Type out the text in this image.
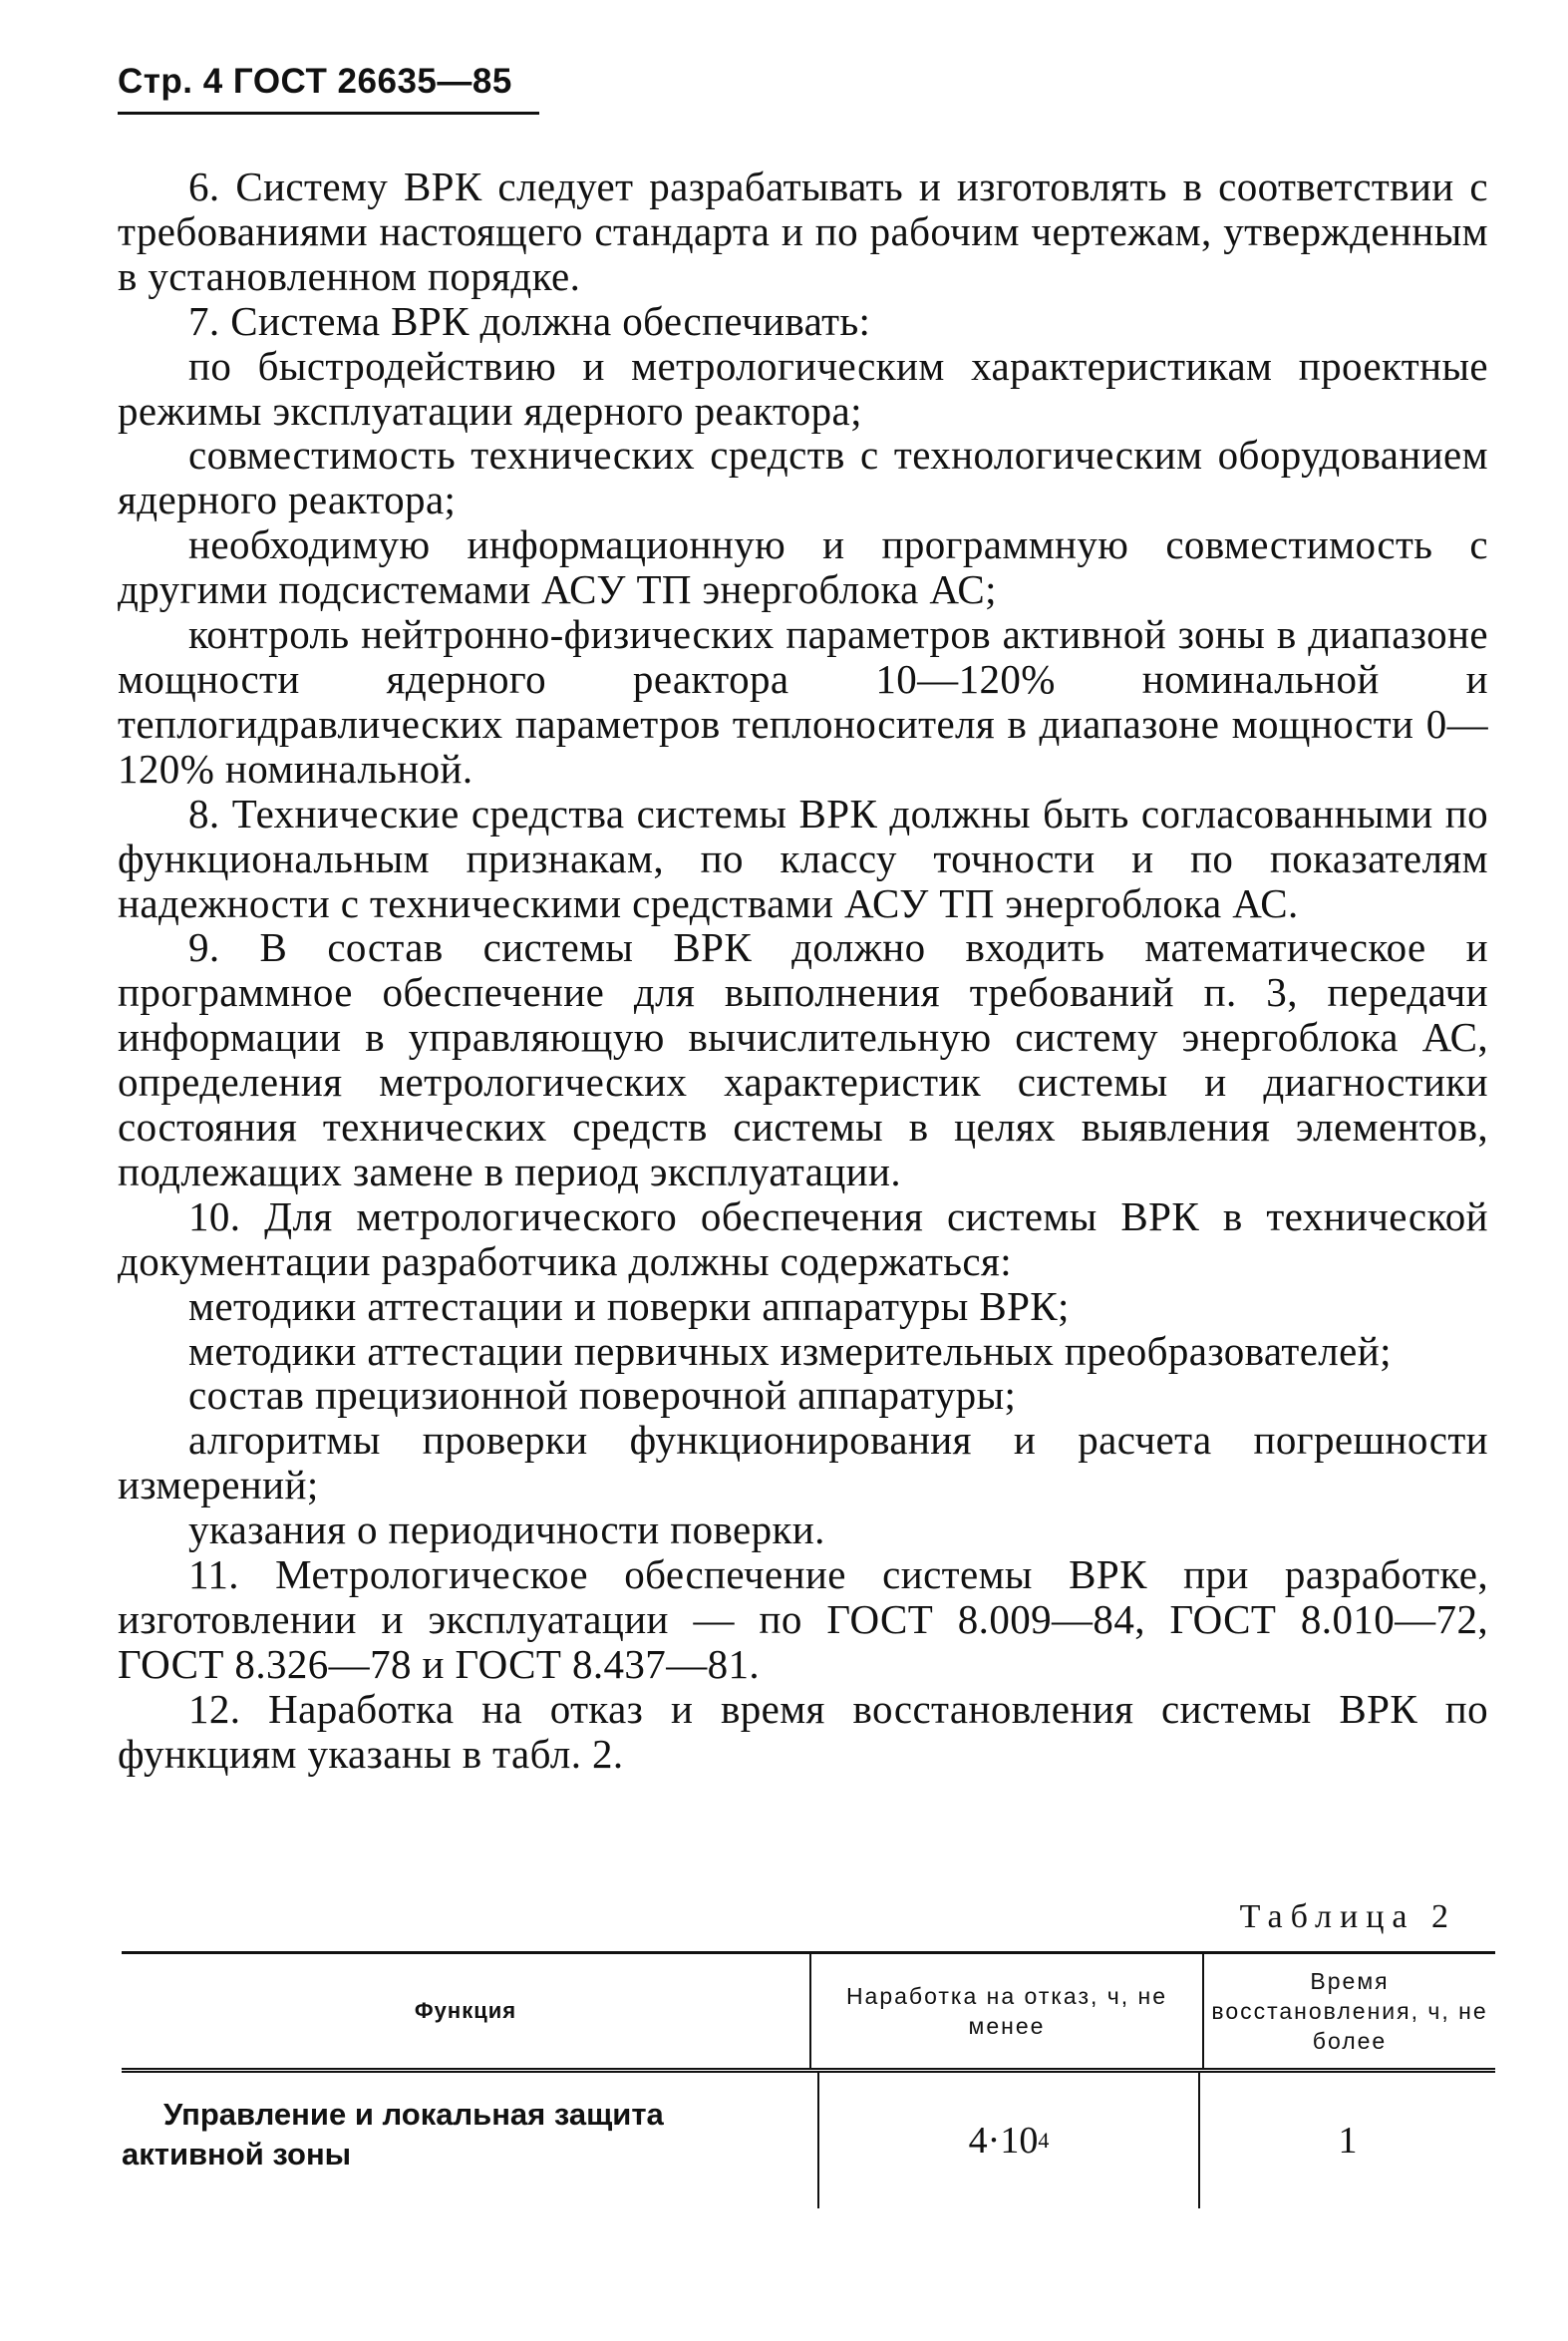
Стр. 4 ГОСТ 26635—85

6. Систему ВРК следует разрабатывать и изготовлять в соответствии с требованиями настоящего стандарта и по рабочим чертежам, утвержденным в установленном порядке.

7. Система ВРК должна обеспечивать:

по быстродействию и метрологическим характеристикам проектные режимы эксплуатации ядерного реактора;

совместимость технических средств с технологическим оборудованием ядерного реактора;

необходимую информационную и программную совместимость с другими подсистемами АСУ ТП энергоблока АС;

контроль нейтронно-физических параметров активной зоны в диапазоне мощности ядерного реактора 10—120% номинальной и теплогидравлических параметров теплоносителя в диапазоне мощности 0—120% номинальной.

8. Технические средства системы ВРК должны быть согласованными по функциональным признакам, по классу точности и по показателям надежности с техническими средствами АСУ ТП энергоблока АС.

9. В состав системы ВРК должно входить математическое и программное обеспечение для выполнения требований п. 3, передачи информации в управляющую вычислительную систему энергоблока АС, определения метрологических характеристик системы и диагностики состояния технических средств системы в целях выявления элементов, подлежащих замене в период эксплуатации.

10. Для метрологического обеспечения системы ВРК в технической документации разработчика должны содержаться:

методики аттестации и поверки аппаратуры ВРК;

методики аттестации первичных измерительных преобразователей;

состав прецизионной поверочной аппаратуры;

алгоритмы проверки функционирования и расчета погрешности измерений;

указания о периодичности поверки.

11. Метрологическое обеспечение системы ВРК при разработке, изготовлении и эксплуатации — по ГОСТ 8.009—84, ГОСТ 8.010—72, ГОСТ 8.326—78 и ГОСТ 8.437—81.

12. Наработка на отказ и время восстановления системы ВРК по функциям указаны в табл. 2.

Таблица 2
Функция
Наработка на отказ, ч, не менее
Время восстановления, ч, не более
Управление и локальная защита
активной зоны	4·10 4	1
